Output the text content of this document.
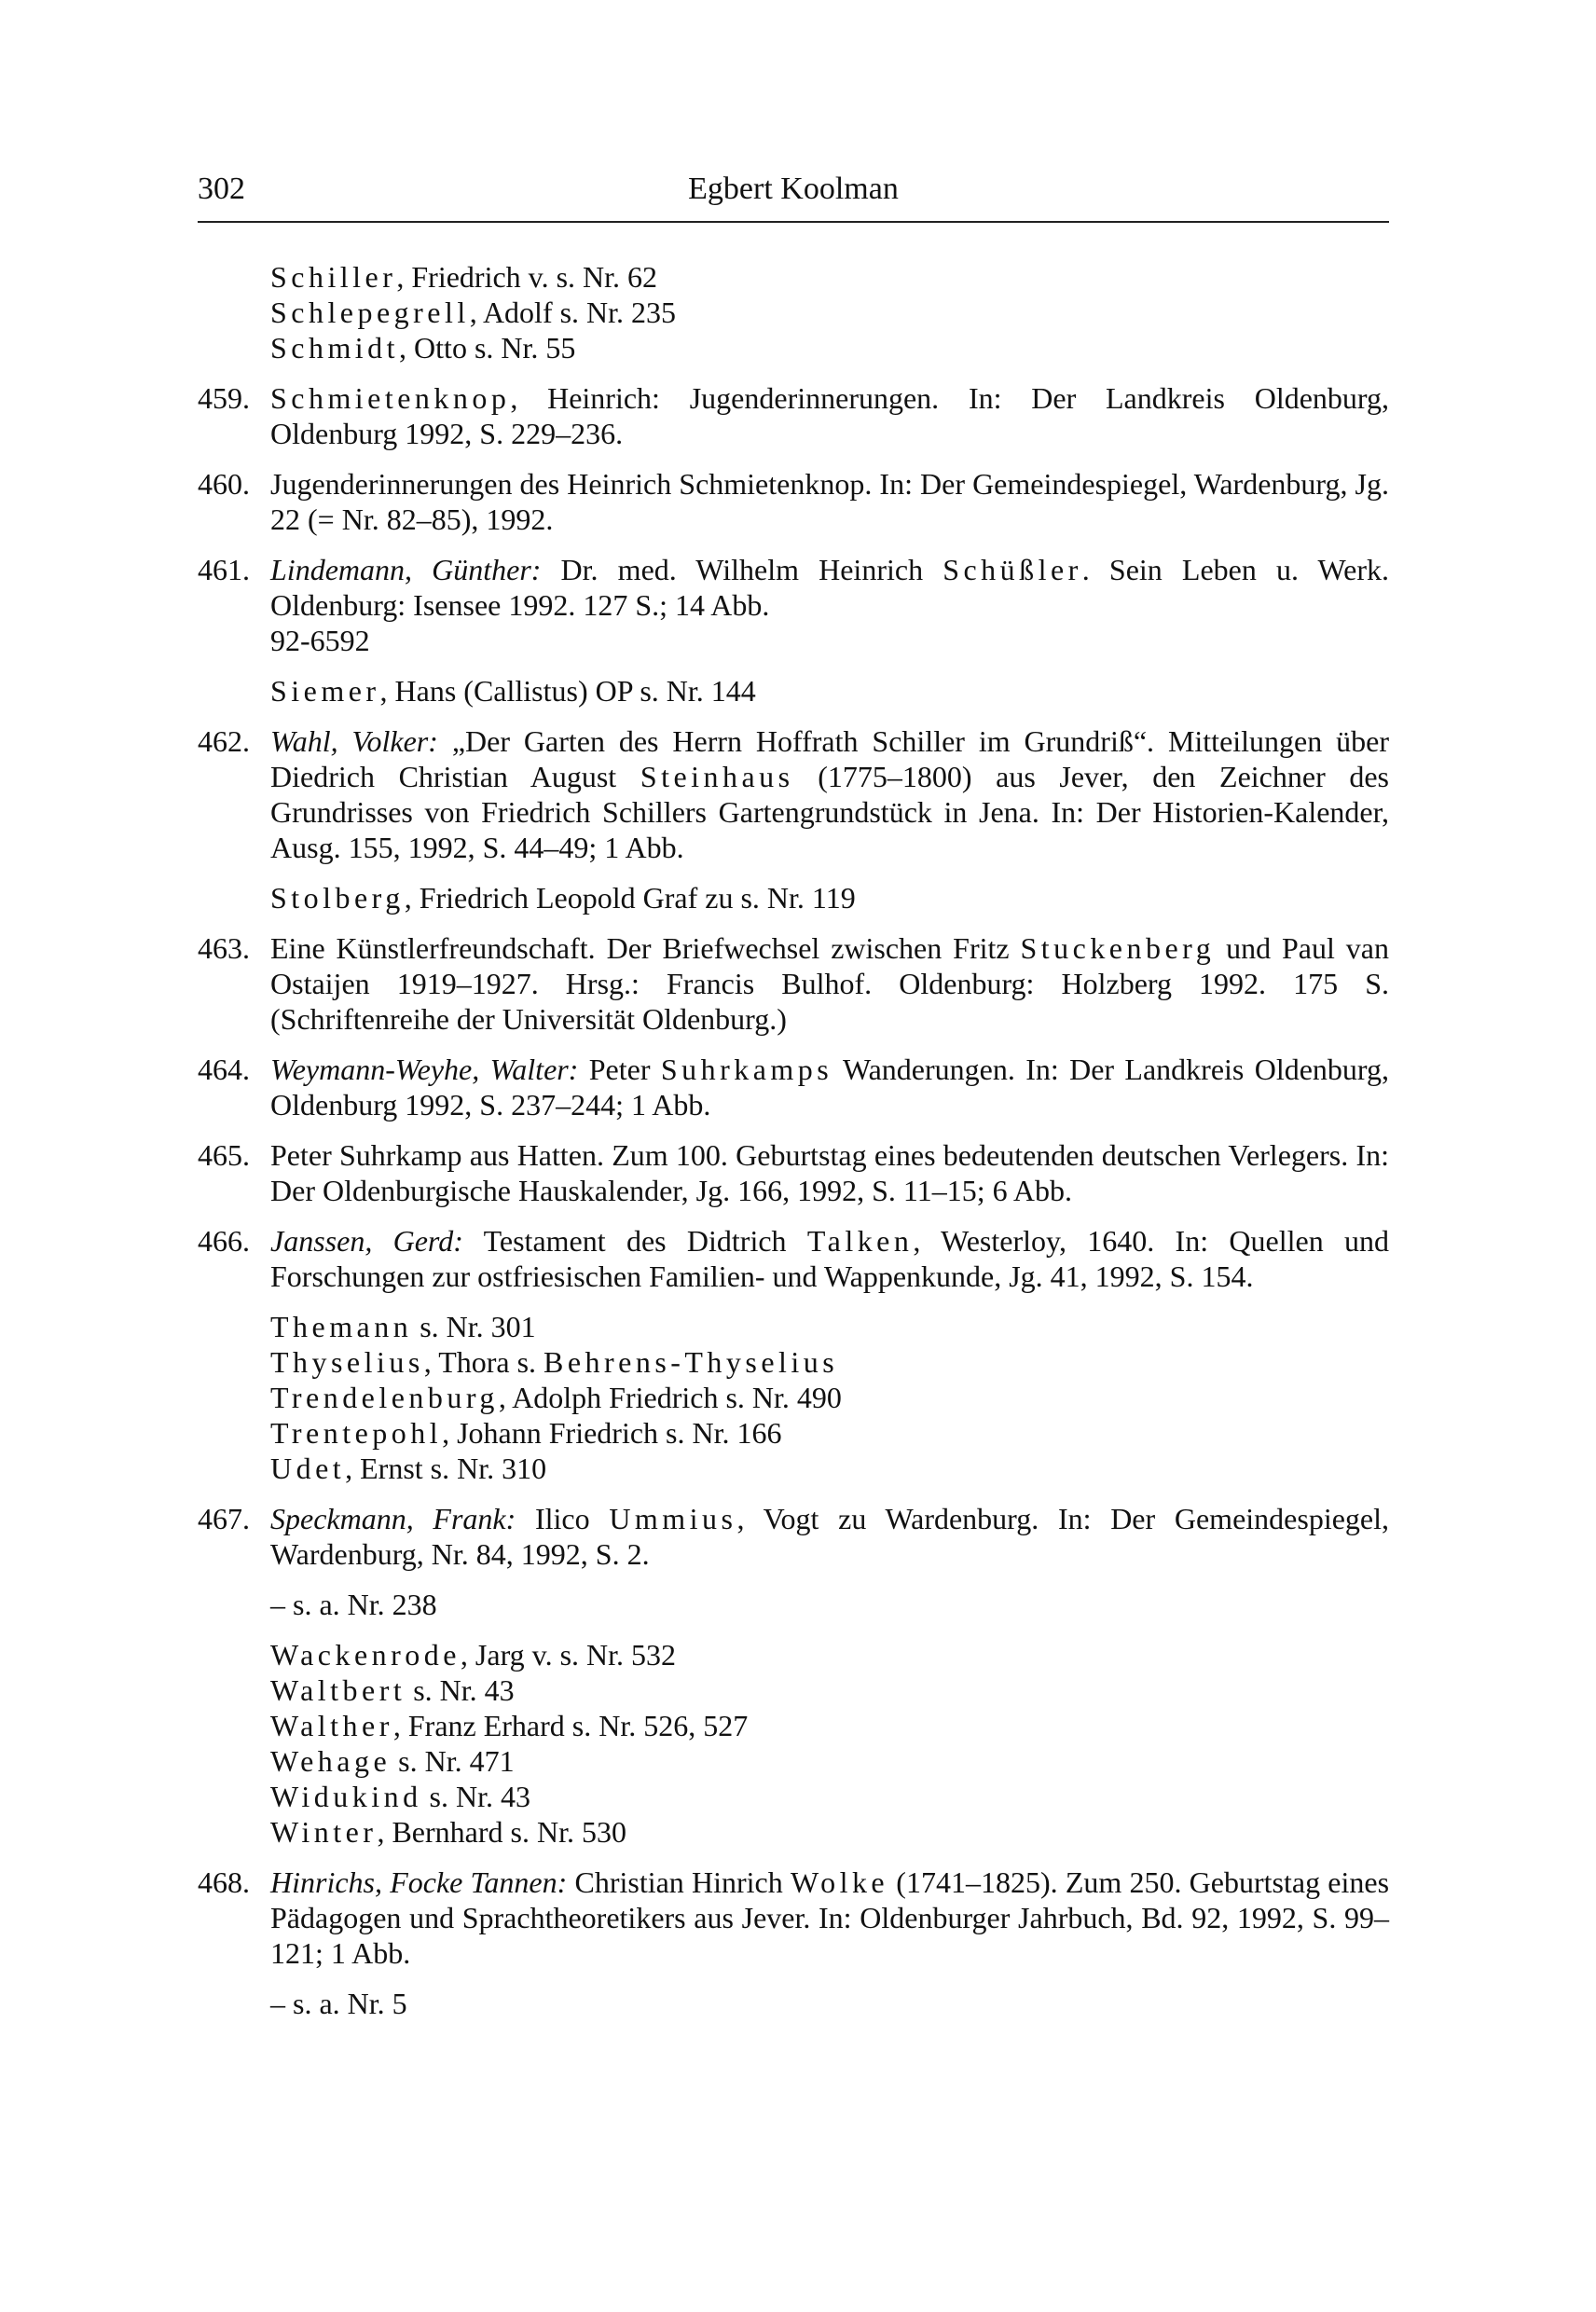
302	Egbert Koolman
Schiller, Friedrich v. s. Nr. 62
Schlepegrell, Adolf s. Nr. 235
Schmidt, Otto s. Nr. 55
459. Schmietenknop, Heinrich: Jugenderinnerungen. In: Der Landkreis Oldenburg, Oldenburg 1992, S. 229–236.
460. Jugenderinnerungen des Heinrich Schmietenknop. In: Der Gemeindespiegel, Wardenburg, Jg. 22 (= Nr. 82–85), 1992.
461. Lindemann, Günther: Dr. med. Wilhelm Heinrich Schüßler. Sein Leben u. Werk. Oldenburg: Isensee 1992. 127 S.; 14 Abb.
92-6592
Siemer, Hans (Callistus) OP s. Nr. 144
462. Wahl, Volker: „Der Garten des Herrn Hoffrath Schiller im Grundriß“. Mitteilungen über Diedrich Christian August Steinhaus (1775–1800) aus Jever, den Zeichner des Grundrisses von Friedrich Schillers Gartengrundstück in Jena. In: Der Historien-Kalender, Ausg. 155, 1992, S. 44–49; 1 Abb.
Stolberg, Friedrich Leopold Graf zu s. Nr. 119
463. Eine Künstlerfreundschaft. Der Briefwechsel zwischen Fritz Stuckenberg und Paul van Ostaijen 1919–1927. Hrsg.: Francis Bulhof. Oldenburg: Holzberg 1992. 175 S. (Schriftenreihe der Universität Oldenburg.)
464. Weymann-Weyhe, Walter: Peter Suhrkamps Wanderungen. In: Der Landkreis Oldenburg, Oldenburg 1992, S. 237–244; 1 Abb.
465. Peter Suhrkamp aus Hatten. Zum 100. Geburtstag eines bedeutenden deutschen Verlegers. In: Der Oldenburgische Hauskalender, Jg. 166, 1992, S. 11–15; 6 Abb.
466. Janssen, Gerd: Testament des Didtrich Talken, Westerloy, 1640. In: Quellen und Forschungen zur ostfriesischen Familien- und Wappenkunde, Jg. 41, 1992, S. 154.
Themann s. Nr. 301
Thyselius, Thora s. Behrens-Thyselius
Trendelenburg, Adolph Friedrich s. Nr. 490
Trentepohl, Johann Friedrich s. Nr. 166
Udet, Ernst s. Nr. 310
467. Speckmann, Frank: Ilico Ummius, Vogt zu Wardenburg. In: Der Gemeindespiegel, Wardenburg, Nr. 84, 1992, S. 2.
– s. a. Nr. 238
Wackenrode, Jarg v. s. Nr. 532
Waltbert s. Nr. 43
Walther, Franz Erhard s. Nr. 526, 527
Wehage s. Nr. 471
Widukind s. Nr. 43
Winter, Bernhard s. Nr. 530
468. Hinrichs, Focke Tannen: Christian Hinrich Wolke (1741–1825). Zum 250. Geburtstag eines Pädagogen und Sprachtheoretikers aus Jever. In: Oldenburger Jahrbuch, Bd. 92, 1992, S. 99–121; 1 Abb.
– s. a. Nr. 5
